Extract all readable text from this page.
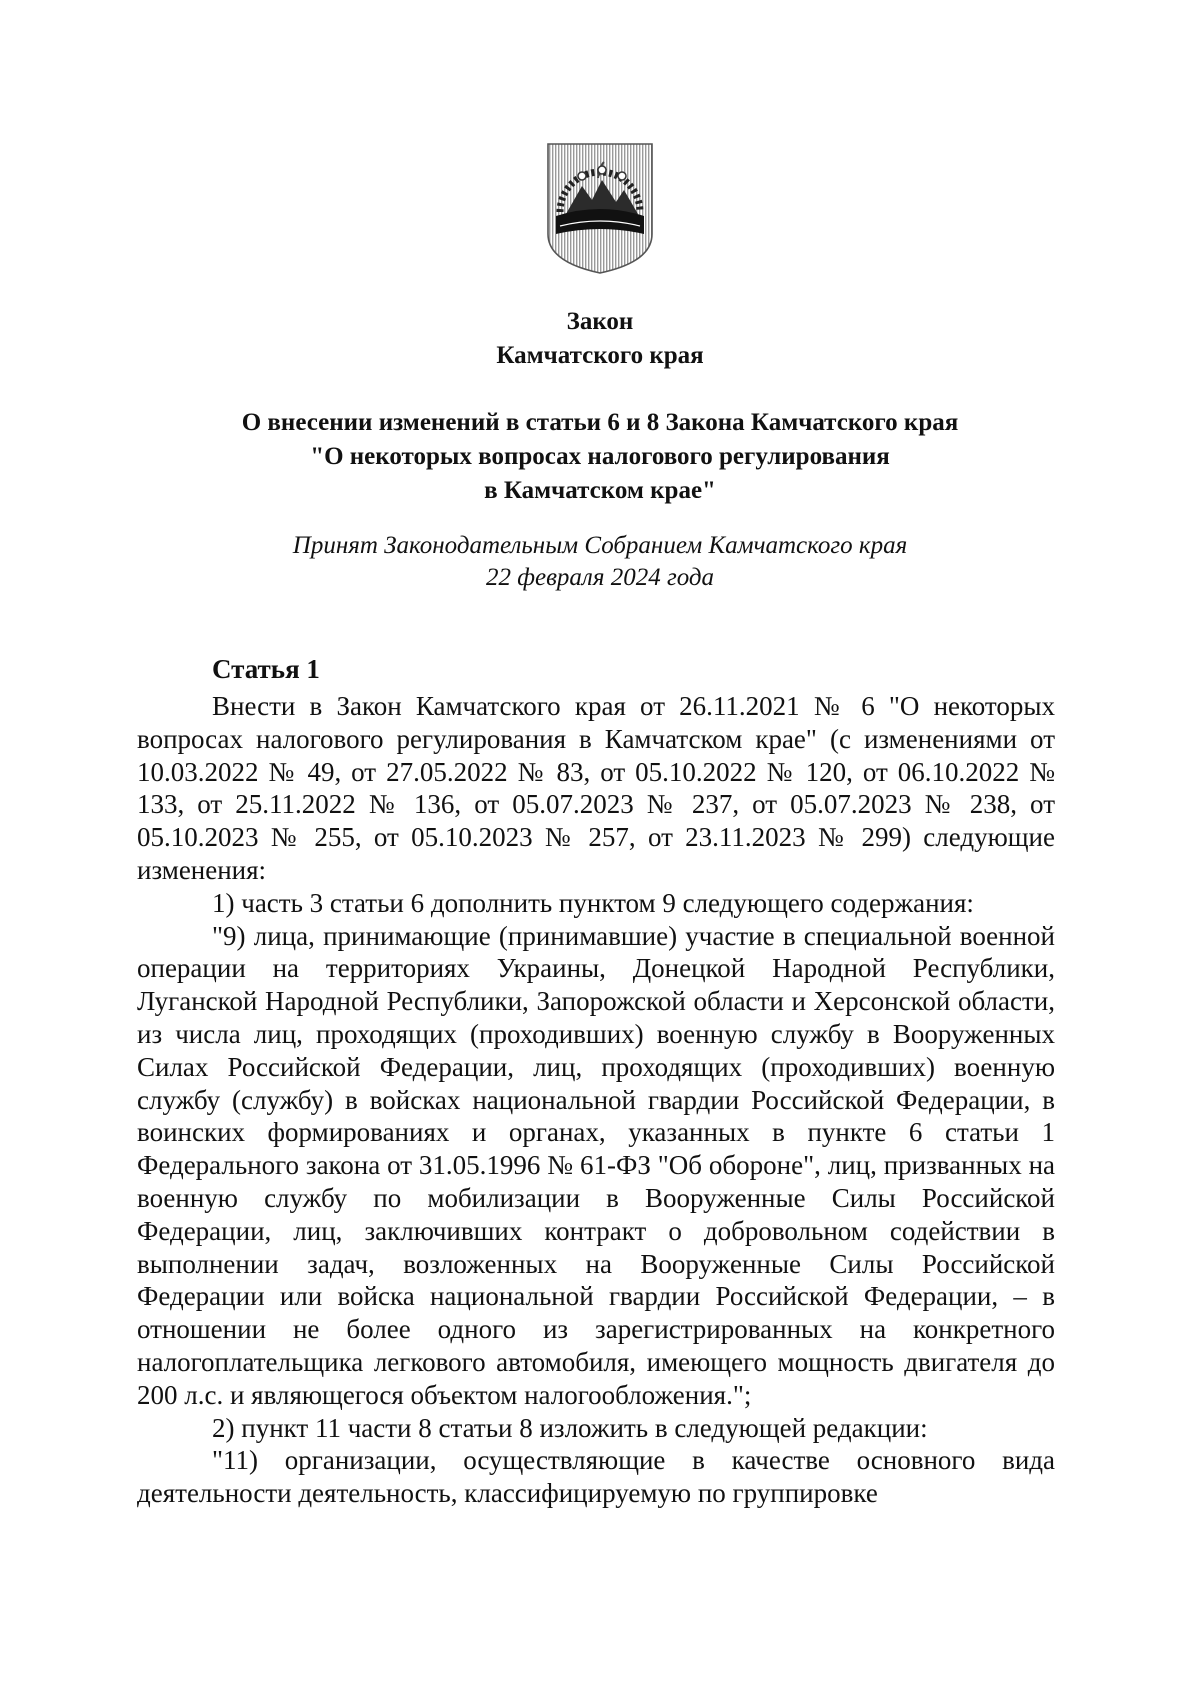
Закон
Камчатского края
О внесении изменений в статьи 6 и 8 Закона Камчатского края
"О некоторых вопросах налогового регулирования
в Камчатском крае"
Принят Законодательным Собранием Камчатского края
22 февраля 2024 года
Статья 1

Внести в Закон Камчатского края от 26.11.2021 № 6 "О некоторых вопросах налогового регулирования в Камчатском крае" (с изменениями от 10.03.2022 № 49, от 27.05.2022 № 83, от 05.10.2022 № 120, от 06.10.2022 № 133, от 25.11.2022 № 136, от 05.07.2023 № 237, от 05.07.2023 № 238, от 05.10.2023 № 255, от 05.10.2023 № 257, от 23.11.2023 № 299) следующие изменения:

1) часть 3 статьи 6 дополнить пунктом 9 следующего содержания:

"9) лица, принимающие (принимавшие) участие в специальной военной операции на территориях Украины, Донецкой Народной Республики, Луганской Народной Республики, Запорожской области и Херсонской области, из числа лиц, проходящих (проходивших) военную службу в Вооруженных Силах Российской Федерации, лиц, проходящих (проходивших) военную службу (службу) в войсках национальной гвардии Российской Федерации, в воинских формированиях и органах, указанных в пункте 6 статьи 1 Федерального закона от 31.05.1996 № 61-ФЗ "Об обороне", лиц, призванных на военную службу по мобилизации в Вооруженные Силы Российской Федерации, лиц, заключивших контракт о добровольном содействии в выполнении задач, возложенных на Вооруженные Силы Российской Федерации или войска национальной гвардии Российской Федерации, – в отношении не более одного из зарегистрированных на конкретного налогоплательщика легкового автомобиля, имеющего мощность двигателя до 200 л.с. и являющегося объектом налогообложения.";

2) пункт 11 части 8 статьи 8 изложить в следующей редакции:

"11) организации, осуществляющие в качестве основного вида деятельности деятельность, классифицируемую по группировке
